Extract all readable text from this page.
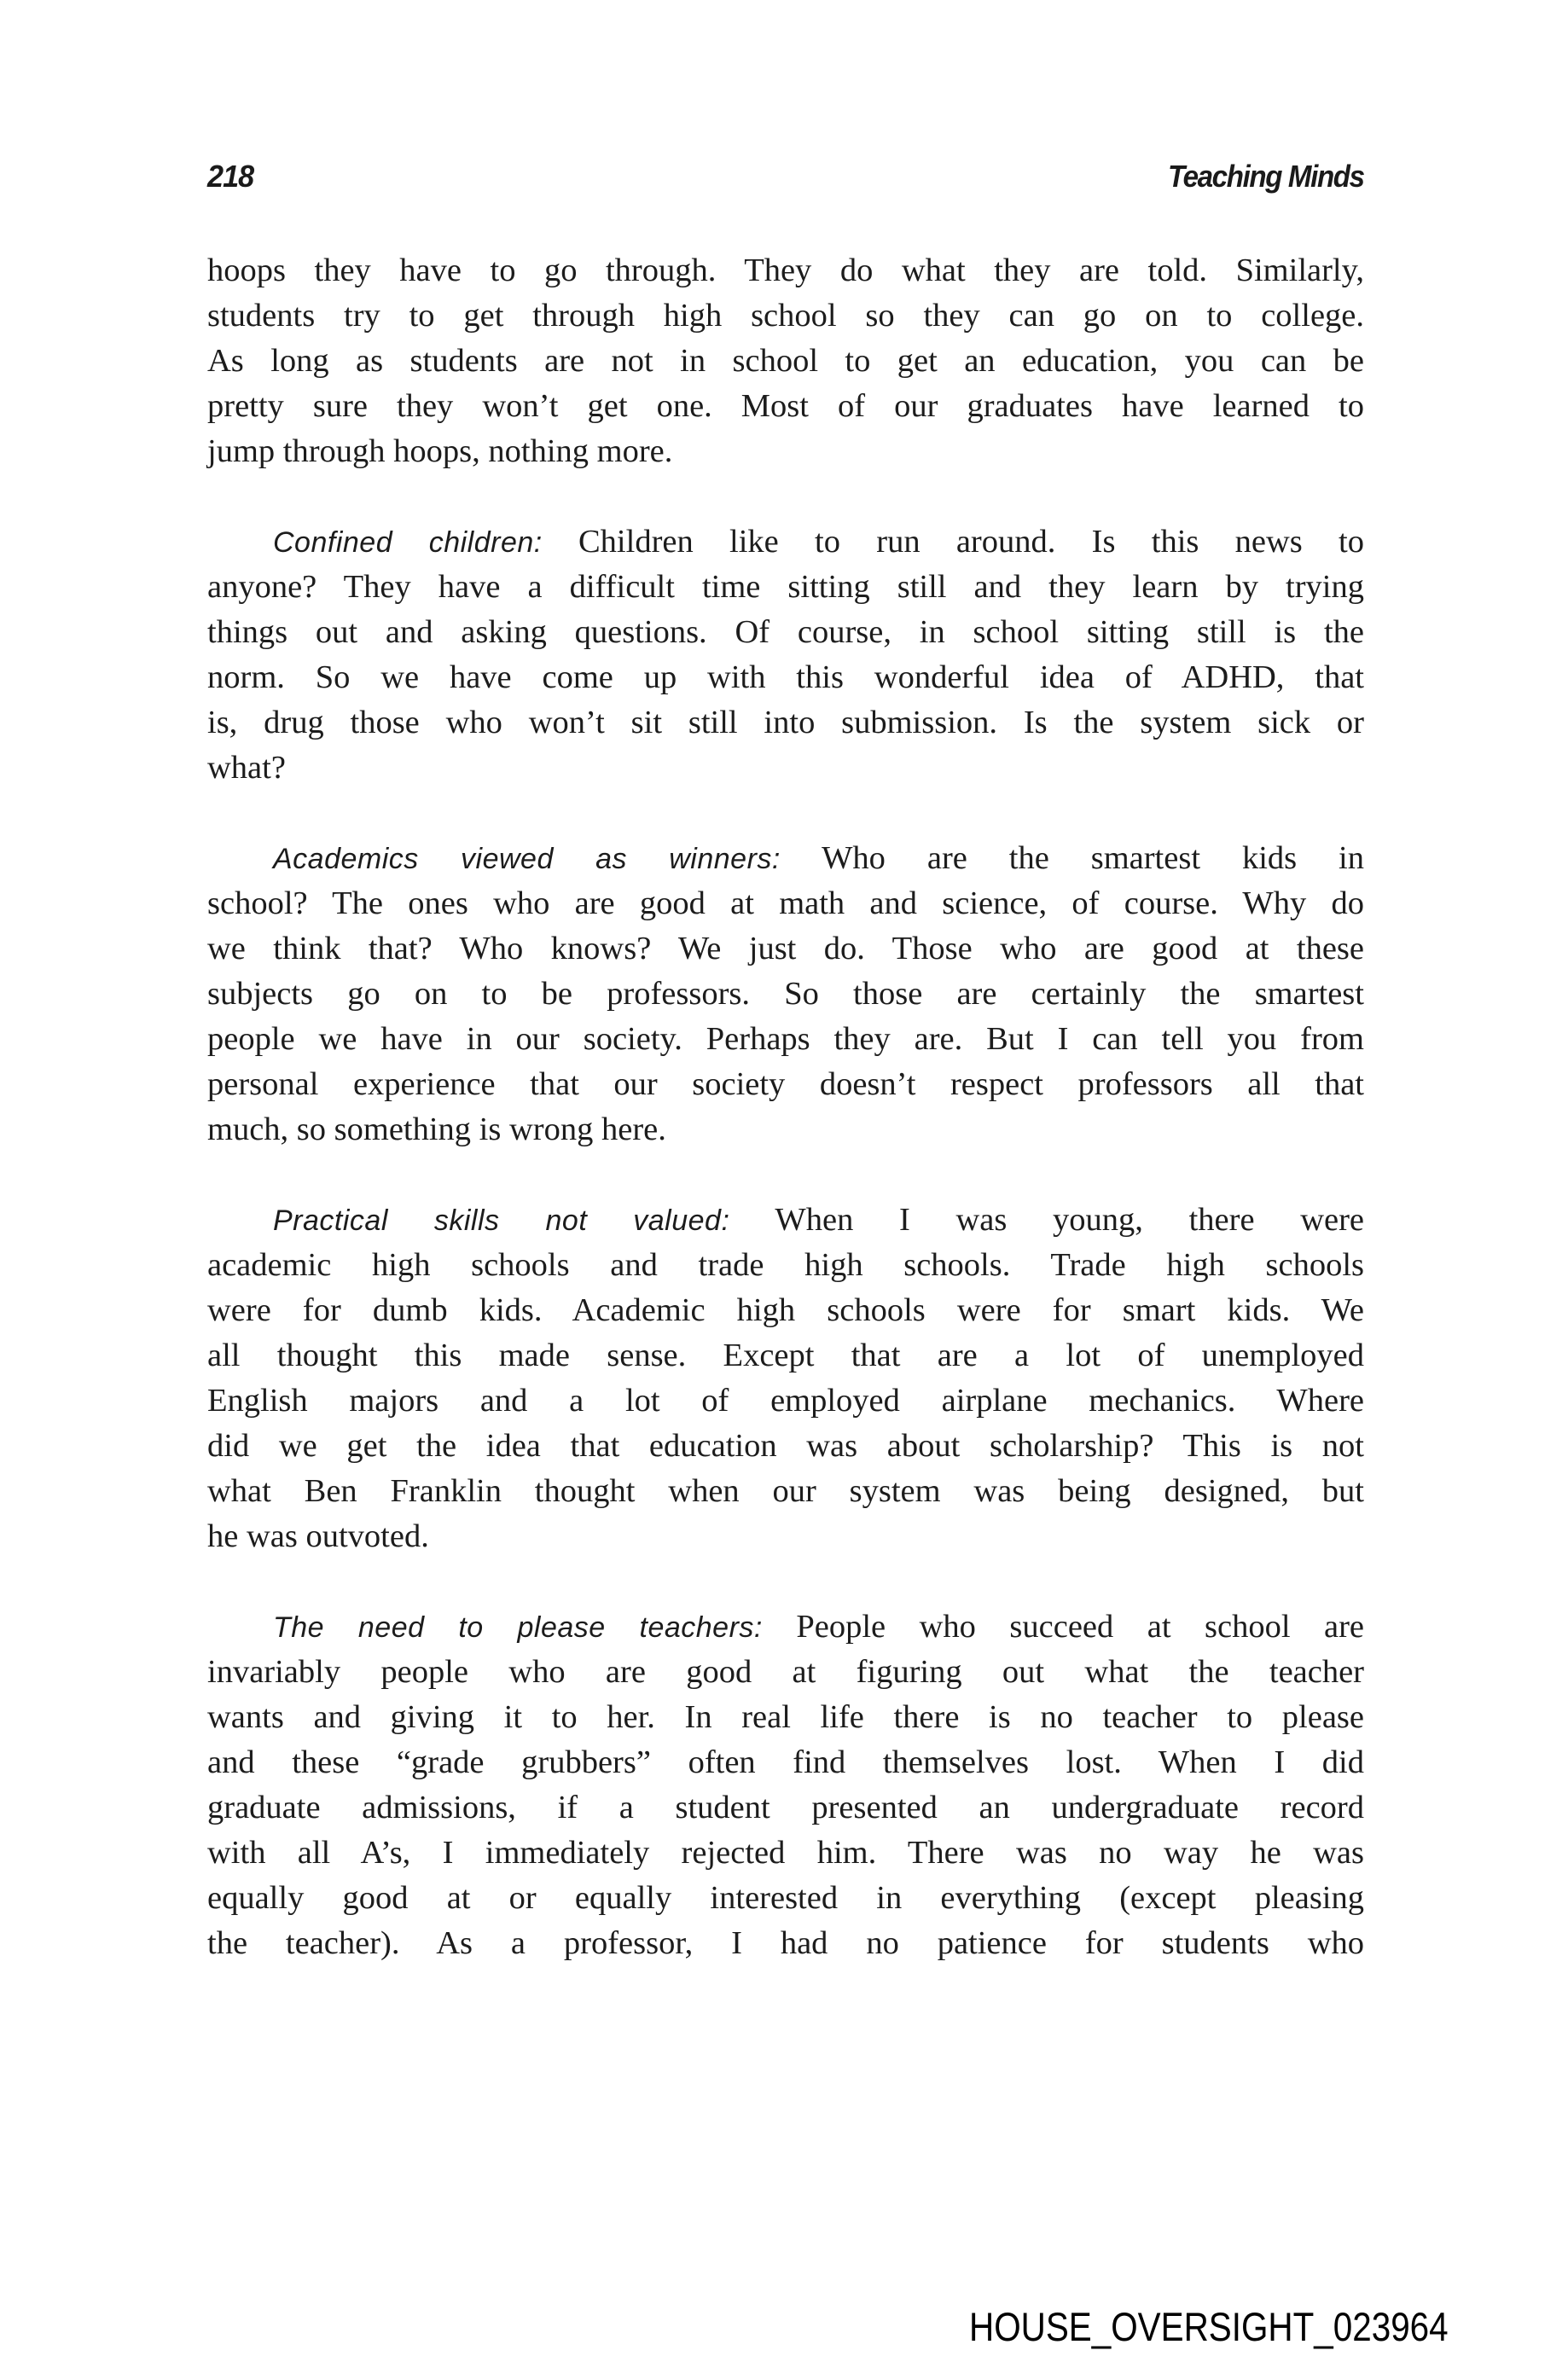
218	Teaching Minds
hoops they have to go through. They do what they are told. Similarly,
students try to get through high school so they can go on to college.
As long as students are not in school to get an education, you can be
pretty sure they won’t get one. Most of our graduates have learned to
jump through hoops, nothing more.
Confined children: Children like to run around. Is this news to
anyone? They have a difficult time sitting still and they learn by trying
things out and asking questions. Of course, in school sitting still is the
norm. So we have come up with this wonderful idea of ADHD, that
is, drug those who won’t sit still into submission. Is the system sick or
what?
Academics viewed as winners: Who are the smartest kids in
school? The ones who are good at math and science, of course. Why do
we think that? Who knows? We just do. Those who are good at these
subjects go on to be professors. So those are certainly the smartest
people we have in our society. Perhaps they are. But I can tell you from
personal experience that our society doesn’t respect professors all that
much, so something is wrong here.
Practical skills not valued: When I was young, there were
academic high schools and trade high schools. Trade high schools
were for dumb kids. Academic high schools were for smart kids. We
all thought this made sense. Except that are a lot of unemployed
English majors and a lot of employed airplane mechanics. Where
did we get the idea that education was about scholarship? This is not
what Ben Franklin thought when our system was being designed, but
he was outvoted.
The need to please teachers: People who succeed at school are
invariably people who are good at figuring out what the teacher
wants and giving it to her. In real life there is no teacher to please
and these “grade grubbers” often find themselves lost. When I did
graduate admissions, if a student presented an undergraduate record
with all A’s, I immediately rejected him. There was no way he was
equally good at or equally interested in everything (except pleasing
the teacher). As a professor, I had no patience for students who
HOUSE_OVERSIGHT_023964
